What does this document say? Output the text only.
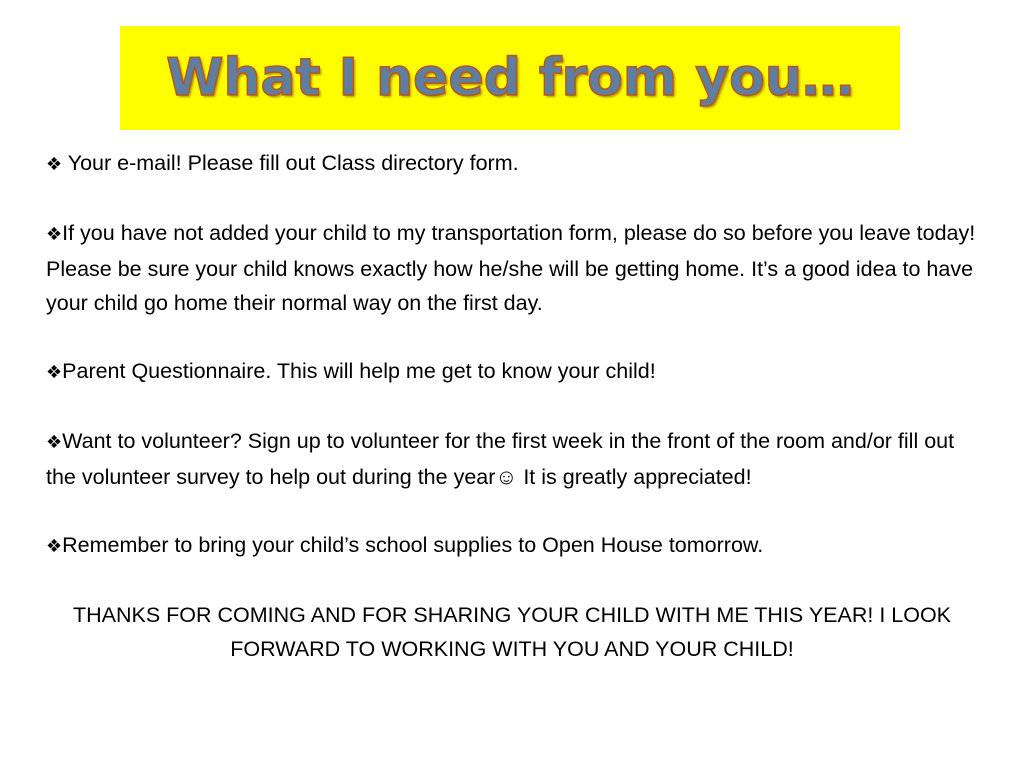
What I need from you…
❖ Your e-mail! Please fill out Class directory form.
❖If you have not added your child to my transportation form, please do so before you leave today! Please be sure your child knows exactly how he/she will be getting home. It’s a good idea to have your child go home their normal way on the first day.
❖Parent Questionnaire. This will help me get to know your child!
❖Want to volunteer? Sign up to volunteer for the first week in the front of the room and/or fill out the volunteer survey to help out during the year☺ It is greatly appreciated!
❖Remember to bring your child’s school supplies to Open House tomorrow.
THANKS FOR COMING AND FOR SHARING YOUR CHILD WITH ME THIS YEAR! I LOOK FORWARD TO WORKING WITH YOU AND YOUR CHILD!
